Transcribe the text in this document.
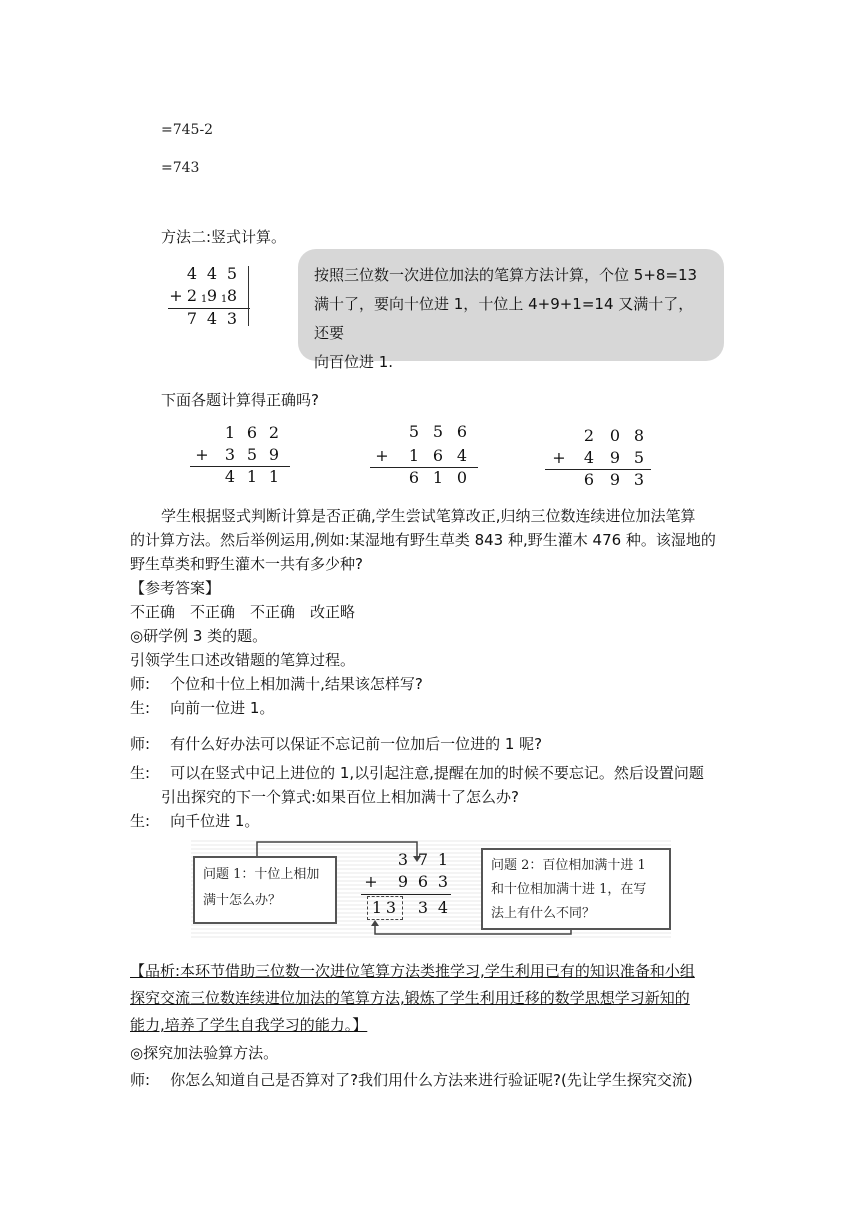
=745-2
=743
方法二:竖式计算。
4 4 5
+ 2 1 9 1 8
7 4 3
按照三位数一次进位加法的笔算方法计算，个位 5+8=13
满十了，要向十位进 1，十位上 4+9+1=14 又满十了，还要
向百位进 1.
下面各题计算得正确吗?
1 6 2
+ 3 5 9
4 1 1
5 5 6
+ 1 6 4
6 1 0
2 0 8
+ 4 9 5
6 9 3
学生根据竖式判断计算是否正确,学生尝试笔算改正,归纳三位数连续进位加法笔算
的计算方法。然后举例运用,例如:某湿地有野生草类 843 种,野生灌木 476 种。该湿地的
野生草类和野生灌木一共有多少种?
【参考答案】
不正确　不正确　不正确　改正略
◎研学例 3 类的题。
引领学生口述改错题的笔算过程。
师: 个位和十位上相加满十,结果该怎样写?
生: 向前一位进 1。
师: 有什么好办法可以保证不忘记前一位加后一位进的 1 呢?
生: 可以在竖式中记上进位的 1,以引起注意,提醒在加的时候不要忘记。然后设置问题
引出探究的下一个算式:如果百位上相加满十了怎么办?
生: 向千位进 1。
问题 1：十位上相加
满十怎么办？
3 7 1
+ 9 6 3
1 3 3 4
问题 2：百位相加满十进 1
和十位相加满十进 1，在写
法上有什么不同？
【品析:本环节借助三位数一次进位笔算方法类推学习,学生利用已有的知识准备和小组
探究交流三位数连续进位加法的笔算方法,锻炼了学生利用迁移的数学思想学习新知的
能力,培养了学生自我学习的能力。】
◎探究加法验算方法。
师: 你怎么知道自己是否算对了?我们用什么方法来进行验证呢?(先让学生探究交流)
